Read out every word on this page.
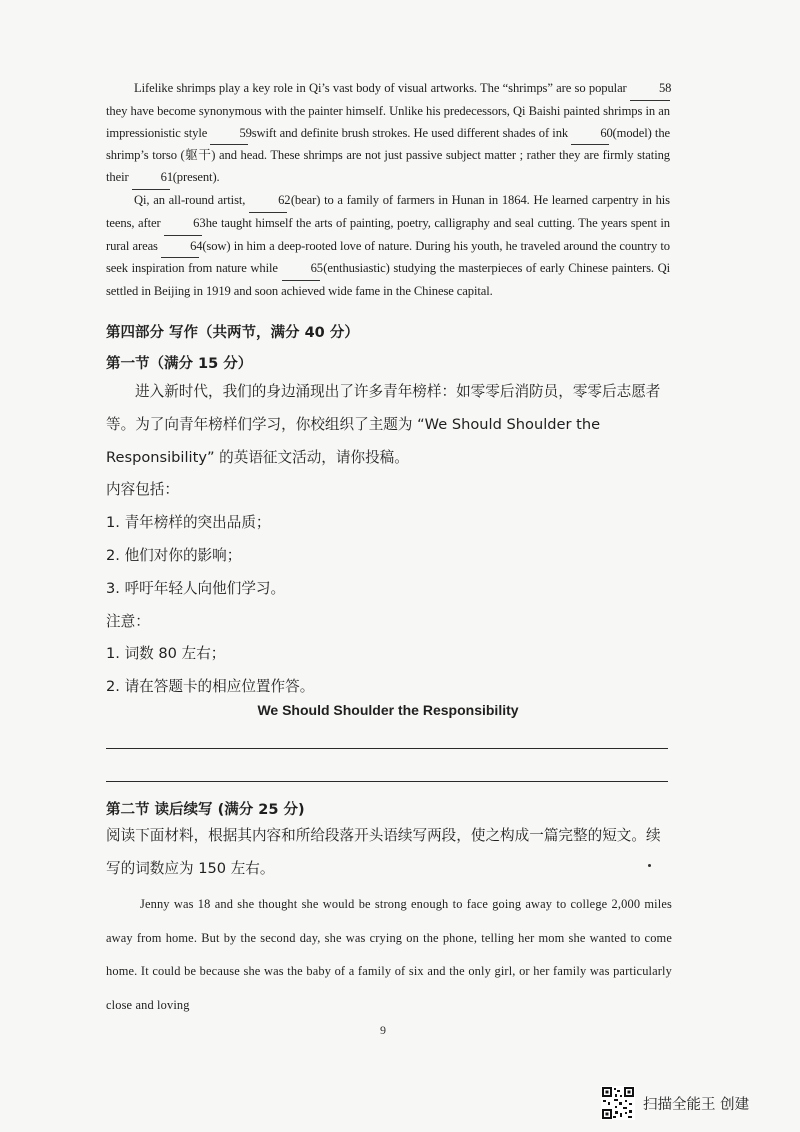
Lifelike shrimps play a key role in Qi’s vast body of visual artworks. The “shrimps” are so popular	58 they have become synonymous with the painter himself. Unlike his predecessors, Qi Baishi painted shrimps in an impressionistic style 59 swift and definite brush strokes. He used different shades of ink 60 (model) the shrimp’s torso (躯干) and head. These shrimps are not just passive subject matter ; rather they are firmly stating their 61 (present).

Qi, an all-round artist, 62 (bear) to a family of farmers in Hunan in 1864. He learned carpentry in his teens, after 63 he taught himself the arts of painting, poetry, calligraphy and seal cutting. The years spent in rural areas 64 (sow) in him a deep-rooted love of nature. During his youth, he traveled around the country to seek inspiration from nature while 65 (enthusiastic) studying the masterpieces of early Chinese painters. Qi settled in Beijing in 1919 and soon achieved wide fame in the Chinese capital.

第四部分 写作（共两节，满分 40 分）
第一节（满分 15 分）

进入新时代，我们的身边涌现出了许多青年榜样：如零零后消防员，零零后志愿者等。为了向青年榜样们学习，你校组织了主题为 “We Should Shoulder the Responsibility” 的英语征文活动，请你投稿。

内容包括：

1. 青年榜样的突出品质；

2. 他们对你的影响；

3. 呼吁年轻人向他们学习。

注意：

1. 词数 80 左右；

2. 请在答题卡的相应位置作答。

We Should Shoulder the Responsibility
第二节 读后续写 (满分 25 分)
阅读下面材料，根据其内容和所给段落开头语续写两段，使之构成一篇完整的短文。续写的词数应为 150 左右。

Jenny was 18 and she thought she would be strong enough to face going away to college 2,000 miles away from home. But by the second day, she was crying on the phone, telling her mom she wanted to come home. It could be because she was the baby of a family of six and the only girl, or her family was particularly close and loving

9
扫描全能王 创建
